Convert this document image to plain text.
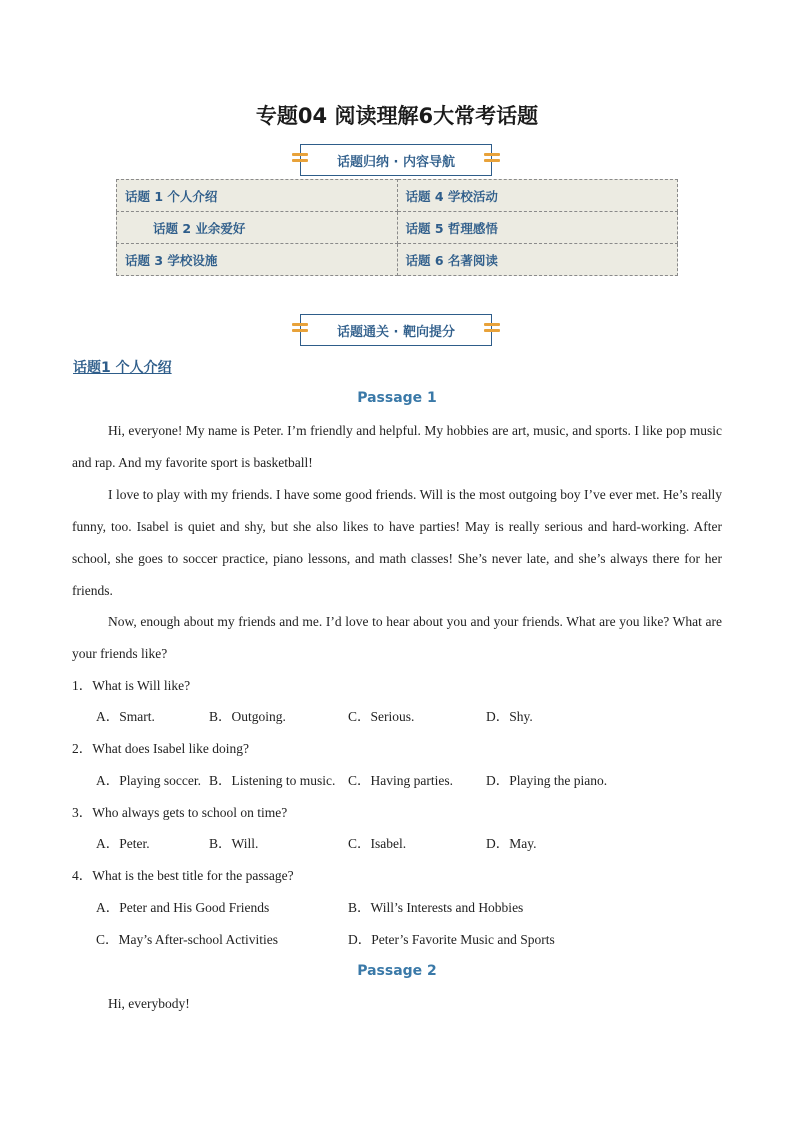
专题04 阅读理解6大常考话题
话题归纳 · 内容导航
话题 1 个人介绍	话题 4 学校活动
话题 2 业余爱好	话题 5 哲理感悟
话题 3 学校设施	话题 6 名著阅读
话题通关 · 靶向提分
话题1 个人介绍
Passage 1

Hi, everyone! My name is Peter. I’m friendly and helpful. My hobbies are art, music, and sports. I like pop music and rap. And my favorite sport is basketball!

I love to play with my friends. I have some good friends. Will is the most outgoing boy I’ve ever met. He’s really funny, too. Isabel is quiet and shy, but she also likes to have parties! May is really serious and hard-working. After school, she goes to soccer practice, piano lessons, and math classes! She’s never late, and she’s always there for her friends.

Now, enough about my friends and me. I’d love to hear about you and your friends. What are you like? What are your friends like?

1．What is Will like?
A．Smart.	B．Outgoing.	C．Serious.	D．Shy.
2．What does Isabel like doing?
A．Playing soccer. B．Listening to music. C．Having parties. D．Playing the piano.
3．Who always gets to school on time?
A．Peter.	B．Will.	C．Isabel.	D．May.
4．What is the best title for the passage?
A．Peter and His Good Friends	B．Will’s Interests and Hobbies
C．May’s After-school Activities	D．Peter’s Favorite Music and Sports
Passage 2
Hi, everybody!
